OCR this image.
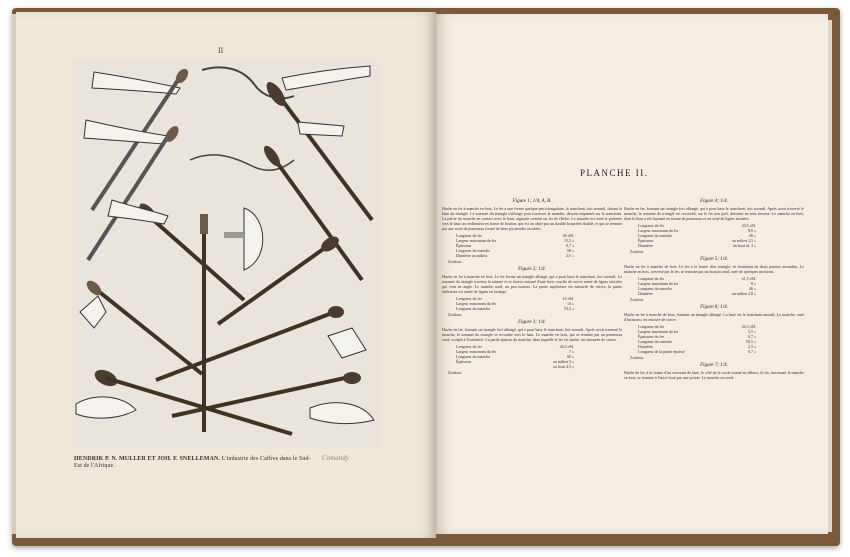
II
HENDRIK P. N. MULLER ET JOH. F. SNELLEMAN. L'industrie des Caffres dans le Sud-Est de l'Afrique.
Comandy
PLANCHE II.
Figure 1; 1/4, A, B.
Hache en fer à manche en bois. Le fer a une forme quelque peu triangulaire, le tranchant, fort arrondi, faisant le base du triangle. Le sommet du triangle s'allonge pour traverser le manche; dessins imprimés sur le tranchant. La partie du manche en contact avec le haut, aiguisée comme un fer de flèche. Le manche est rond et présente vers le haut un renflement en forme de bouton, qui est un objet par un double bourrelet doublé, et qui se termine par une sorte de pommeau formé de deux pyramides accolées.
Longueur du fer	36 cM.
Largeur maximum du fer	15,5 »
Épaisseur	0,7 »
Longueur du manche	58 »
Diamètre au milieu	2,5 »
Zoulous.
Figure 2; 1/4.
Hache en fer à manche en bois. Le fer forme un triangle allongé, qui a pour base le tranchant, fort arrondi. Le sommet du triangle traverse la rainure et se trouve entouré d'une forte couche de cuivre ornée de lignes incisées qui vont en angle. Le manche rond, un peu noueux. La partie supérieure est entourée de cuivre, la partie inférieure est ornée de lignes en losange.
Longueur du fer	16 cM.
Largeur maximum du fer	14 »
Longueur du manche	53,5 »
Zoulous.
Figure 3; 1/4.
Hache en fer, formant un triangle fort allongé, qui a pour base le tranchant, fort arrondi. Après avoir traversé le manche, le sommet du triangle se recourbe vers le haut. Le manche en bois, qui se termine par un pommeau rond, sculpté à l'extrémité. La partie épaisse du manche, dans laquelle le fer est inséré, est entourée de cuivre.
Longueur du fer	44,5 cM.
Largeur maximum du fer	7 »
Longueur du manche	60 »
Épaisseur	au milieu 3 »
au bout 4,5 »
Zoulous.
Figure 4; 1/4.
Hache en fer, formant un triangle fort allongé, qui a pour base le tranchant, fort arrondi. Après avoir traversé le manche, le sommet du triangle est recourbé, sur le fer non poli, dessinés en sens inverse. Le manche en bois, dont le bout a été façonné en forme de pommeau et est orné de lignes incisées.
Longueur du fer	20,5 cM.
Largeur maximum du fer	8,5 »
Longueur du manche	46 »
Épaisseur	au milieu 2,5 »
Diamètre	au bout id. 3 »
Zoulous.
Figure 5; 1/4.
Hache en fer à manche de bois. Le fer a la forme d'un triangle, se terminant en deux pointes arrondies. Le manche en bois, traversé par le fer, se termine par un bouton rond, orné de quelques incisions.
Longueur du fer	41,5 cM.
Largeur maximum du fer	8 »
Longueur du manche	46 »
Diamètre	au milieu 2,8 »
Zoulous.
Figure 6; 1/4.
Hache en fer à manche de bois, formant un triangle allongé. La base est le tranchant arrondi. Le manche, orné d'incisions, est entouré de cuivre.
Longueur du fer	44,5 cM.
Largeur maximum du fer	5,5 »
Épaisseur du fer	0,7 »
Longueur du manche	50,5 »
Diamètre	2,5 »
Longueur de la partie épaisse	6,7 »
Zoulous.
Figure 7; 1/4.
Hache de fer, à la forme d'un croissant de lune, le côté de la corde tourné en dehors, le fer, traversant le manche en bois, se termine à l'autre bout par une pointe. Le manche est rond.
